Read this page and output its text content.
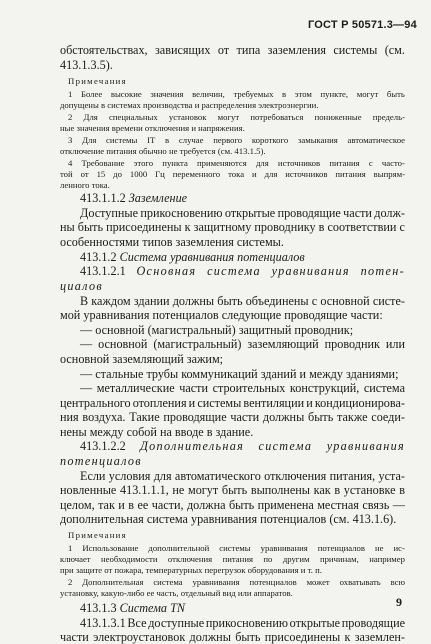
ГОСТ Р 50571.3—94
обстоятельствах, зависящих от типа заземления системы (см.
413.1.3.5).
Примечания
1 Более высокие значения величин, требуемых в этом пункте, могут быть
допущены в системах производства и распределения электроэнергии.
2 Для специальных установок могут потребоваться пониженные предель-
ные значения времени отключения и напряжения.
3 Для системы IT в случае первого короткого замыкания автоматическое
отключение питания обычно не требуется (см. 413.1.5).
4 Требование этого пункта применяются для источников питания с часто-
той от 15 до 1000 Гц переменного тока и для источников питания выпрям-
ленного тока.
413.1.1.2 Заземление
Доступные прикосновению открытые проводящие части долж-
ны быть присоединены к защитному проводнику в соответствии с
особенностями типов заземления системы.
413.1.2 Система уравнивания потенциалов
413.1.2.1 Основная система уравнивания потен-
циалов
В каждом здании должны быть объединены с основной систе-
мой уравнивания потенциалов следующие проводящие части:
— основной (магистральный) защитный проводник;
— основной (магистральный) заземляющий проводник или
основной заземляющий зажим;
— стальные трубы коммуникаций зданий и между зданиями;
— металлические части строительных конструкций, система
центрального отопления и системы вентиляции и кондиционирова-
ния воздуха. Такие проводящие части должны быть также соеди-
нены между собой на вводе в здание.
413.1.2.2 Дополнительная система уравнивания
потенциалов
Если условия для автоматического отключения питания, уста-
новленные 413.1.1.1, не могут быть выполнены как в установке в
целом, так и в ее части, должна быть применена местная связь —
дополнительная система уравнивания потенциалов (см. 413.1.6).
Примечания
1 Использование дополнительной системы уравнивания потенциалов не ис-
ключает необходимости отключения питания по другим причинам, например
при защите от пожара, температурных перегрузок оборудования и т. п.
2 Дополнительная система уравнивания потенциалов может охватывать всю
установку, какую-либо ее часть, отдельный вид или аппаратов.
413.1.3 Система TN
413.1.3.1 Все доступные прикосновению открытые проводящие
части электроустановок должны быть присоединены к заземлен-
9
